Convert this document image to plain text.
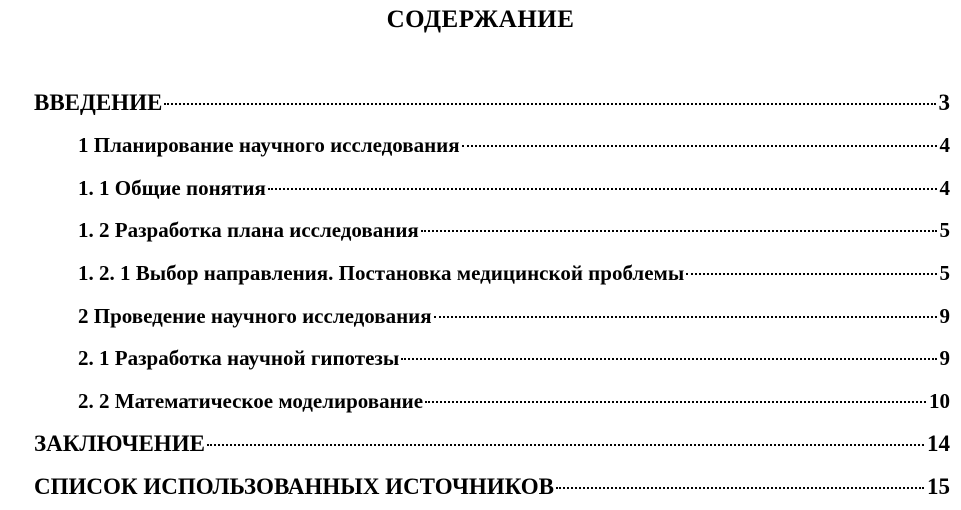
СОДЕРЖАНИЕ
ВВЕДЕНИЕ	3
1 Планирование научного исследования	4
1. 1 Общие понятия	4
1. 2 Разработка плана исследования	5
1. 2. 1 Выбор направления. Постановка медицинской проблемы	5
2 Проведение научного исследования	9
2. 1 Разработка научной гипотезы	9
2. 2 Математическое моделирование	10
ЗАКЛЮЧЕНИЕ	14
СПИСОК ИСПОЛЬЗОВАННЫХ ИСТОЧНИКОВ	15
